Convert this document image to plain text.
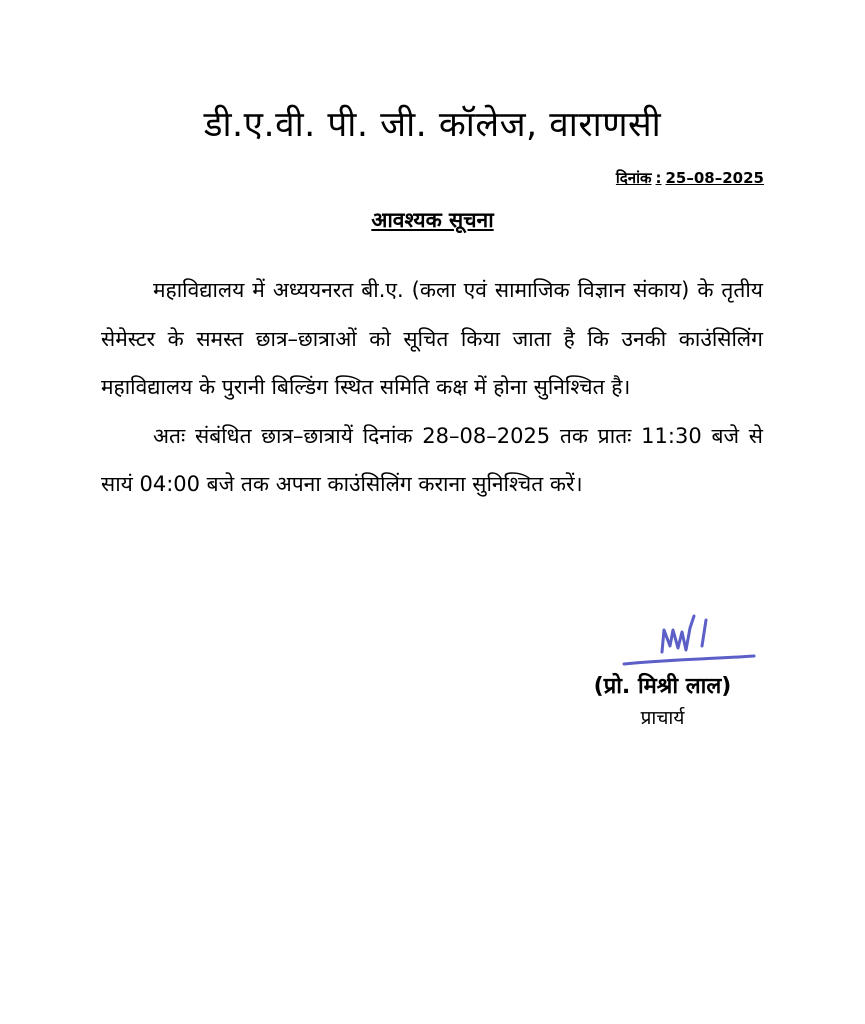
डी.ए.वी. पी. जी. कॉलेज, वाराणसी
दिनांक : 25–08–2025
आवश्यक सूचना

महाविद्यालय में अध्ययनरत बी.ए. (कला एवं सामाजिक विज्ञान संकाय) के तृतीय सेमेस्टर के समस्त छात्र–छात्राओं को सूचित किया जाता है कि उनकी काउंसिलिंग महाविद्यालय के पुरानी बिल्डिंग स्थित समिति कक्ष में होना सुनिश्चित है।

अतः संबंधित छात्र–छात्रायें दिनांक 28–08–2025 तक प्रातः 11:30 बजे से सायं 04:00 बजे तक अपना काउंसिलिंग कराना सुनिश्चित करें।

(प्रो. मिश्री लाल)
प्राचार्य
